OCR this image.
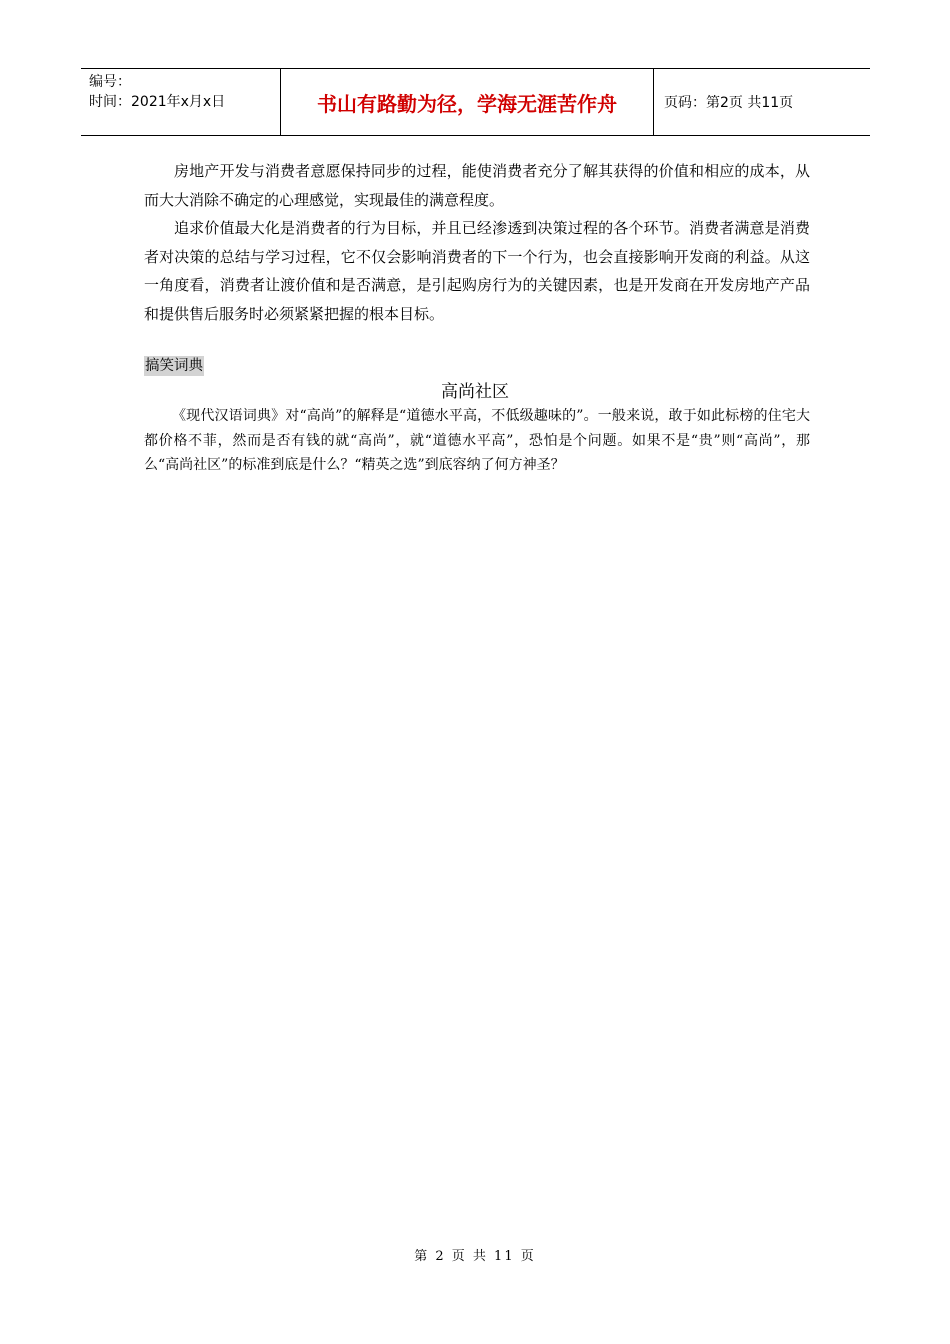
编号：
时间：2021年x月x日	书山有路勤为径，学海无涯苦作舟	页码：第2页 共11页

房地产开发与消费者意愿保持同步的过程，能使消费者充分了解其获得的价值和相应的成本，从而大大消除不确定的心理感觉，实现最佳的满意程度。

追求价值最大化是消费者的行为目标，并且已经渗透到决策过程的各个环节。消费者满意是消费者对决策的总结与学习过程，它不仅会影响消费者的下一个行为，也会直接影响开发商的利益。从这一角度看，消费者让渡价值和是否满意，是引起购房行为的关键因素，也是开发商在开发房地产产品和提供售后服务时必须紧紧把握的根本目标。

搞笑词典
高尚社区

《现代汉语词典》对“高尚”的解释是“道德水平高，不低级趣味的”。一般来说，敢于如此标榜的住宅大都价格不菲，然而是否有钱的就“高尚”，就“道德水平高”，恐怕是个问题。如果不是“贵”则“高尚”，那么“高尚社区”的标准到底是什么？“精英之选”到底容纳了何方神圣？

第 2 页 共 11 页
